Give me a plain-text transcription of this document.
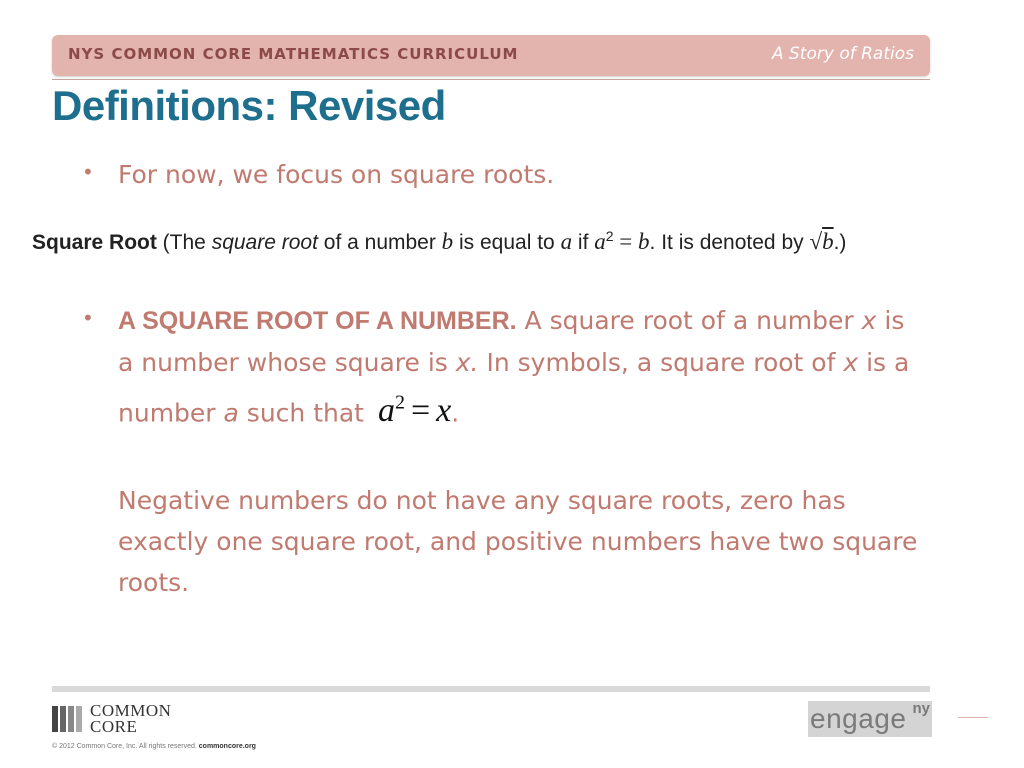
NYS COMMON CORE MATHEMATICS CURRICULUM	A Story of Ratios
Definitions: Revised
• For now, we focus on square roots.
Square Root (The square root of a number b is equal to a if $a^2 = b$. It is denoted by √b.)
• A SQUARE ROOT OF A NUMBER. A square root of a number x is a number whose square is x. In symbols, a square root of x is a number a such that $a^2 = x$.
Negative numbers do not have any square roots, zero has exactly one square root, and positive numbers have two square roots.
COMMON
CORE
© 2012 Common Core, Inc. All rights reserved. commoncore.org
engage ny
